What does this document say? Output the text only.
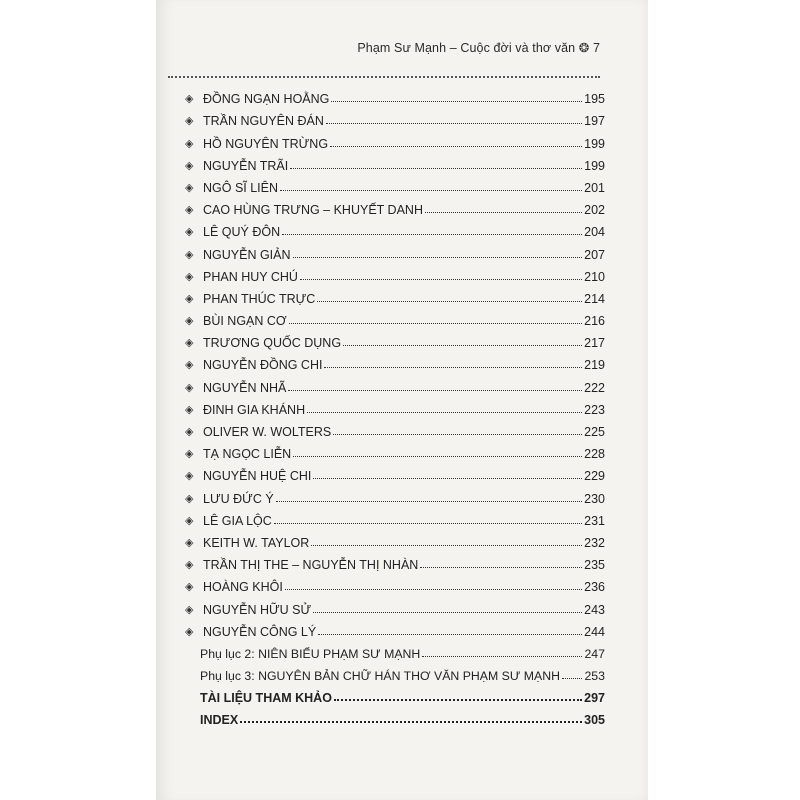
Phạm Sư Mạnh – Cuộc đời và thơ văn ❂ 7
◈ ĐỒNG NGẠN HOẰNG	195
◈ TRẦN NGUYÊN ĐÁN	197
◈ HỒ NGUYÊN TRỪNG	199
◈ NGUYỄN TRÃI	199
◈ NGÔ SĨ LIÊN	201
◈ CAO HÙNG TRƯNG – KHUYẾT DANH	202
◈ LÊ QUÝ ĐÔN	204
◈ NGUYỄN GIẢN	207
◈ PHAN HUY CHÚ	210
◈ PHAN THÚC TRỰC	214
◈ BÙI NGẠN CƠ	216
◈ TRƯƠNG QUỐC DỤNG	217
◈ NGUYỄN ĐỒNG CHI	219
◈ NGUYỄN NHÃ	222
◈ ĐINH GIA KHÁNH	223
◈ OLIVER W. WOLTERS	225
◈ TẠ NGỌC LIỄN	228
◈ NGUYỄN HUỆ CHI	229
◈ LƯU ĐỨC Ý	230
◈ LÊ GIA LỘC	231
◈ KEITH W. TAYLOR	232
◈ TRẦN THỊ THE – NGUYỄN THỊ NHÀN	235
◈ HOÀNG KHÔI	236
◈ NGUYỄN HỮU SỬ	243
◈ NGUYỄN CÔNG LÝ	244
Phụ lục 2: NIÊN BIỂU PHẠM SƯ MẠNH	247
Phụ lục 3: NGUYÊN BẢN CHỮ HÁN THƠ VĂN PHẠM SƯ MẠNH 253
TÀI LIỆU THAM KHẢO	297
INDEX	305
